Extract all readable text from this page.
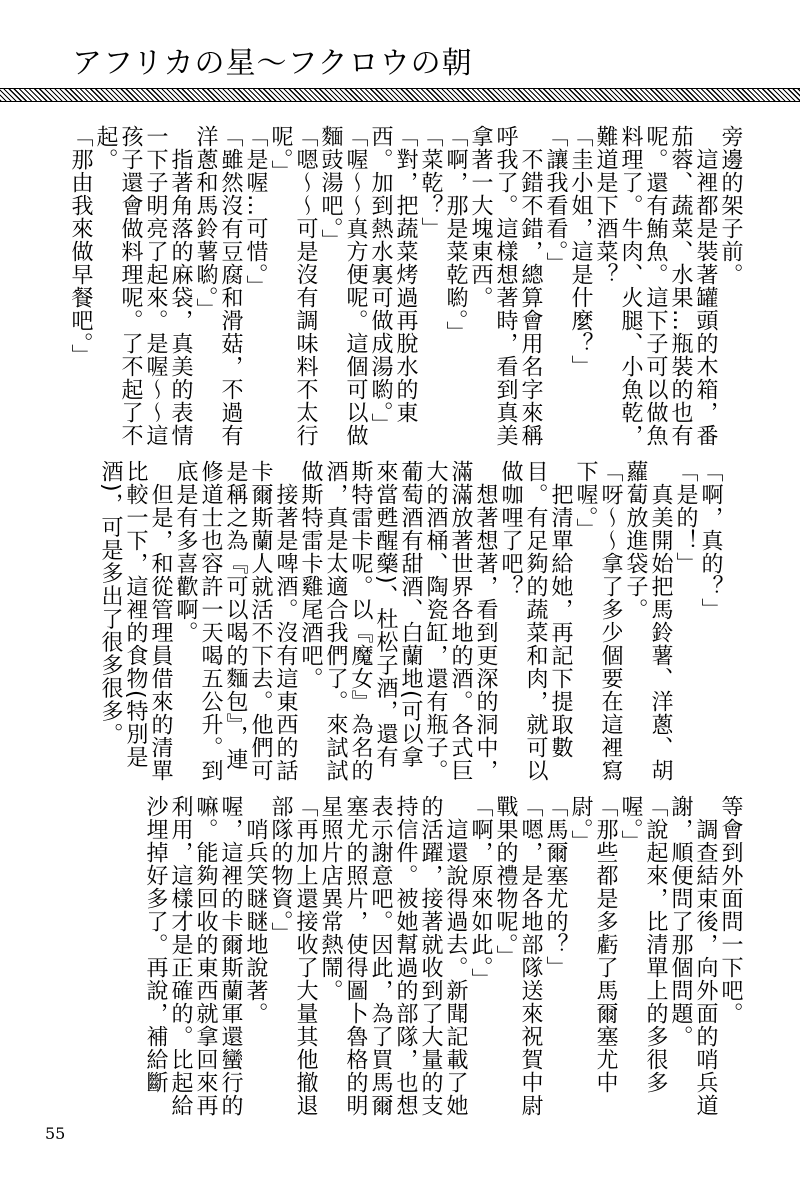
アフリカの星〜フクロウの朝

旁邊的架子前。

　這裡都是裝著罐頭的木箱，番茄蓉、蔬菜、水果…瓶裝的也有呢。還有鮪魚。這下子可以做魚料理了。牛肉、火腿、小魚乾，難道是下酒菜？

「圭小姐，這是什麼？」

「讓我看看。」

　不錯不錯，總算會用名字來稱呼我了。這樣想著時，看到真美拿著一大塊東西。

「啊，那是菜乾喲。」

「菜乾？」

「對，把蔬菜烤過再脫水的東西。加到熱水裏可做成湯喲。」

「喔〜〜真方便呢。這個可以做麵豉湯吧。」

「嗯〜〜可是沒有調味料不太行呢。」

「是喔…可惜。」

「雖然沒有豆腐和滑菇，不過有洋蔥和馬鈴薯喲。」

　指著角落的麻袋，真美的表情一下子明亮了起來。是喔〜〜這孩子還會做料理呢。了不起了不起。

「那由我來做早餐吧。」

「啊，真的？」

「是的！」

　真美開始把馬鈴薯、洋蔥、胡蘿蔔放進袋子。

「呀〜〜拿了多少個要在這裡寫下喔。」

　把清單給她，再記下提取數目。有足夠的蔬菜和肉，就可以做咖哩了吧？

　想著想著，看到更深的洞中，滿滿放著世界各地的酒。各式巨大的酒桶、陶瓷缸，還有瓶子。葡萄酒有甜酒、白蘭地(可以拿來當甦醒藥)、杜松子酒，還有斯特雷卡呢。以『魔女』為名的酒，真是太適合我們了。來試試做斯特雷卡雞尾酒吧。

　接著是啤酒。沒有這東西的話卡爾斯蘭人就活不下去。他們可是稱之為『可以喝的麵包』，連修道士也容許一天喝五公升。到底是有多喜歡啊。

　但是，和從管理員借來的清單比較一下，這裡的食物(特別是酒)，可是多出了很多很多。

等會到外面問一下吧。

　調查結束後，向外面的哨兵道謝，順便問了那個問題。

「說起來，比清單上的多很多喔。」

「那些都是多虧了馬爾塞尤中尉。」

「馬爾塞尤的？」

「嗯，是各地部隊送來祝賀中尉戰果的禮物呢。」

「啊，原來如此。」

　這還說得過去。新聞記載了她的活躍，接著就收到了大量的支持信件。被她幫過的部隊，也想表示謝意吧。因此，為了買馬爾塞尤的照片，使得圖卜魯格的明星照片店異常熱鬧。

「再加上還接收了大量其他撤退部隊的物資。」

　哨兵笑瞇瞇地說著。

喔，這裡的卡爾斯蘭軍還蠻行的嘛。能夠回收的東西就拿回來再利用，這樣才是正確的。比起給沙埋掉好多了。再說，補給斷

55
